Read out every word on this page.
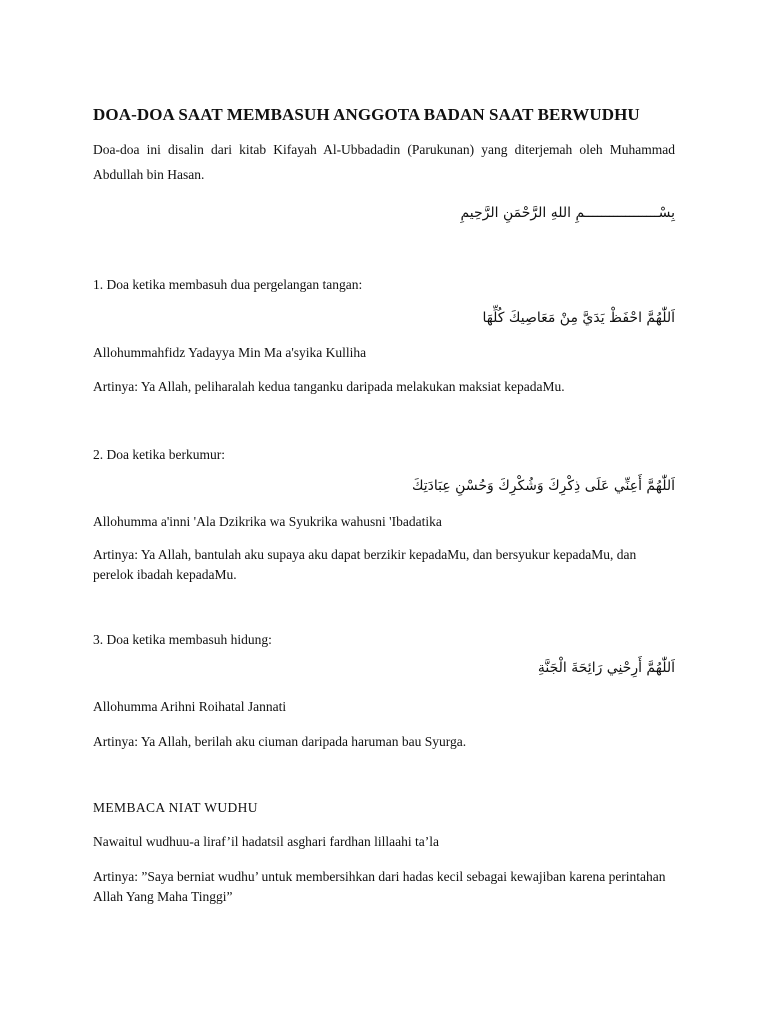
DOA-DOA SAAT MEMBASUH ANGGOTA BADAN SAAT BERWUDHU

Doa-doa ini disalin dari kitab Kifayah Al-Ubbadadin (Parukunan) yang diterjemah oleh Muhammad Abdullah bin Hasan.

بِسْــــــــــــــــــمِ اللهِ الرَّحْمَنِ الرَّحِيمِ

1. Doa ketika membasuh dua pergelangan tangan:

اَللّٰهُمَّ احْفَظْ يَدَيَّ مِنْ مَعَاصِيكَ كُلِّهَا

Allohummahfidz Yadayya Min Ma a'syika Kulliha

Artinya: Ya Allah, peliharalah kedua tanganku daripada melakukan maksiat kepadaMu.

2. Doa ketika berkumur:

اَللّٰهُمَّ أَعِنِّي عَلَى ذِكْرِكَ وَشُكْرِكَ وَحُسْنِ عِبَادَتِكَ

Allohumma a'inni 'Ala Dzikrika wa Syukrika wahusni 'Ibadatika

Artinya: Ya Allah, bantulah aku supaya aku dapat berzikir kepadaMu, dan bersyukur kepadaMu, dan perelok ibadah kepadaMu.

3. Doa ketika membasuh hidung:

اَللّٰهُمَّ أَرِحْنِي رَائِحَةَ الْجَنَّةِ

Allohumma Arihni Roihatal Jannati

Artinya: Ya Allah, berilah aku ciuman daripada haruman bau Syurga.

MEMBACA NIAT WUDHU

Nawaitul wudhuu-a liraf’il hadatsil asghari fardhan lillaahi ta’la

Artinya: ”Saya berniat wudhu’ untuk membersihkan dari hadas kecil sebagai kewajiban karena perintahan Allah Yang Maha Tinggi”
